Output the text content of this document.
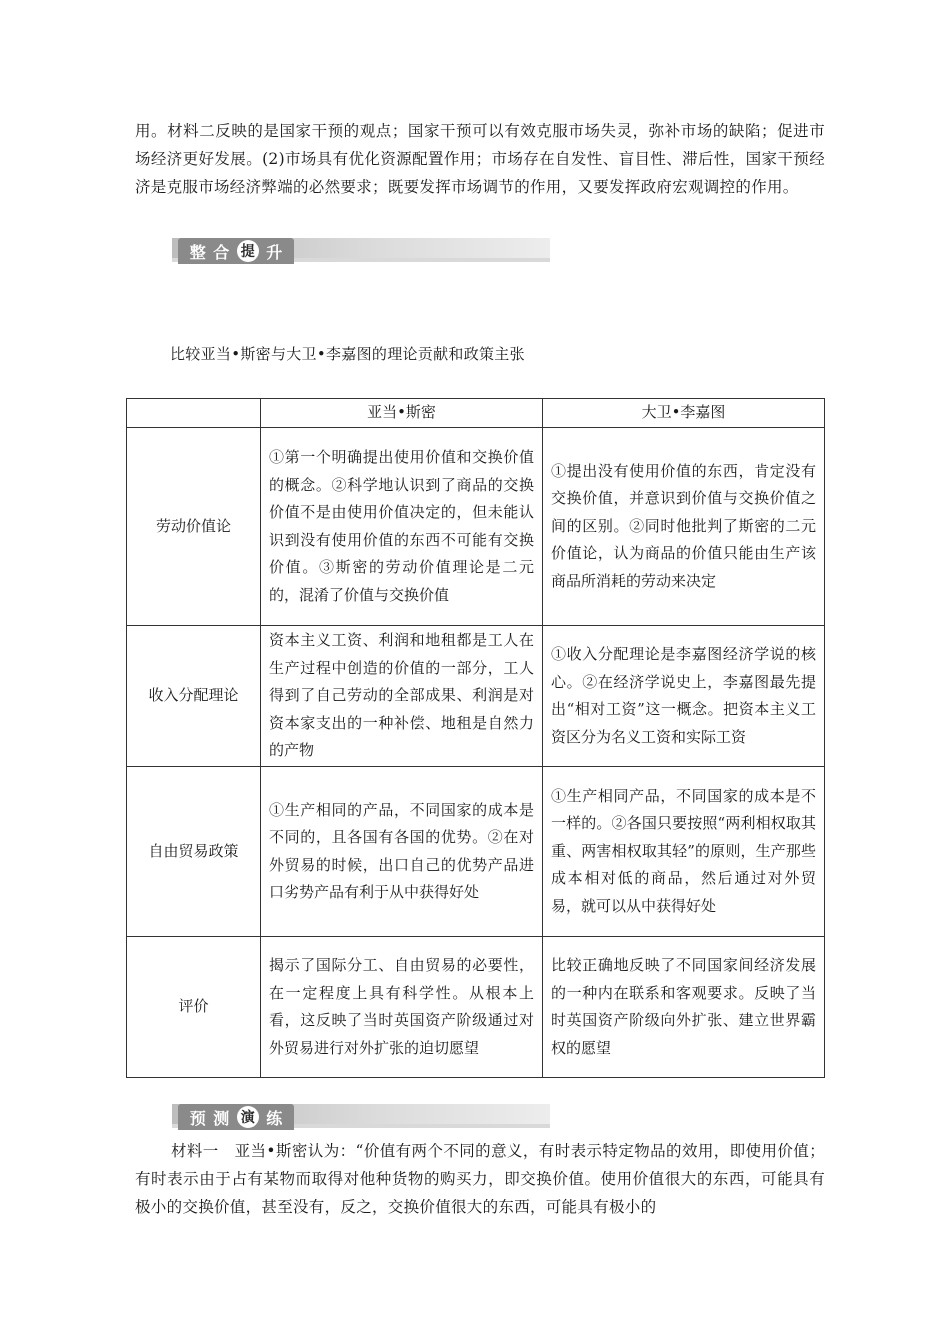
用。材料二反映的是国家干预的观点；国家干预可以有效克服市场失灵，弥补市场的缺陷；促进市场经济更好发展。(2)市场具有优化资源配置作用；市场存在自发性、盲目性、滞后性，国家干预经济是克服市场经济弊端的必然要求；既要发挥市场调节的作用，又要发挥政府宏观调控的作用。

整 合 提 升
比较亚当•斯密与大卫•李嘉图的理论贡献和政策主张
	亚当•斯密	大卫•李嘉图
劳动价值论	①第一个明确提出使用价值和交换价值的概念。②科学地认识到了商品的交换价值不是由使用价值决定的，但未能认识到没有使用价值的东西不可能有交换价值。③斯密的劳动价值理论是二元的，混淆了价值与交换价值	①提出没有使用价值的东西，肯定没有交换价值，并意识到价值与交换价值之间的区别。②同时他批判了斯密的二元价值论，认为商品的价值只能由生产该商品所消耗的劳动来决定
收入分配理论	资本主义工资、利润和地租都是工人在生产过程中创造的价值的一部分，工人得到了自己劳动的全部成果、利润是对资本家支出的一种补偿、地租是自然力的产物	①收入分配理论是李嘉图经济学说的核心。②在经济学说史上，李嘉图最先提出“相对工资”这一概念。把资本主义工资区分为名义工资和实际工资
自由贸易政策	①生产相同的产品，不同国家的成本是不同的，且各国有各国的优势。②在对外贸易的时候，出口自己的优势产品进口劣势产品有利于从中获得好处	①生产相同产品，不同国家的成本是不一样的。②各国只要按照“两利相权取其重、两害相权取其轻”的原则，生产那些成本相对低的商品，然后通过对外贸易，就可以从中获得好处
评价	揭示了国际分工、自由贸易的必要性，在一定程度上具有科学性。从根本上看，这反映了当时英国资产阶级通过对外贸易进行对外扩张的迫切愿望	比较正确地反映了不同国家间经济发展的一种内在联系和客观要求。反映了当时英国资产阶级向外扩张、建立世界霸权的愿望
预 测 演 练

材料一　亚当•斯密认为：“价值有两个不同的意义，有时表示特定物品的效用，即使用价值；有时表示由于占有某物而取得对他种货物的购买力，即交换价值。使用价值很大的东西，可能具有极小的交换价值，甚至没有，反之，交换价值很大的东西，可能具有极小的
